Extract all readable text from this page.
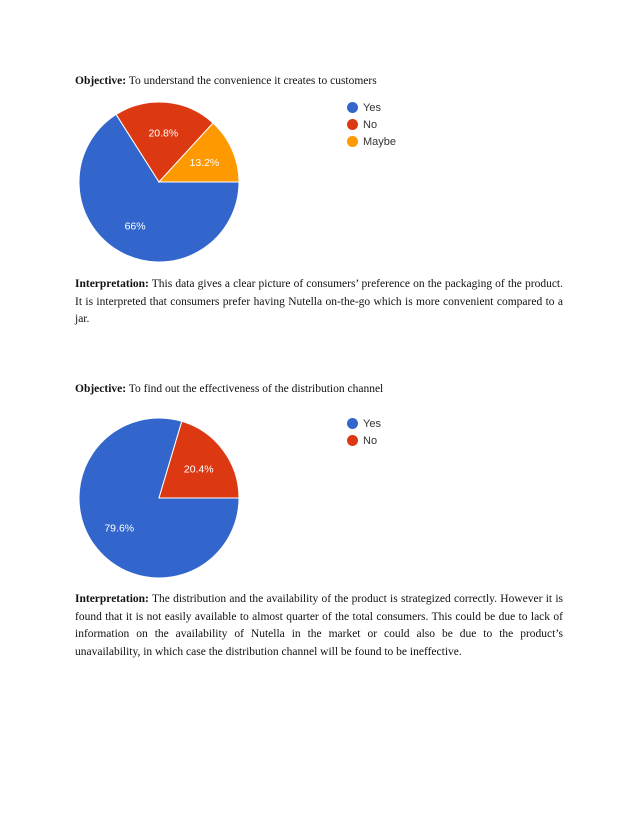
Objective: To understand the convenience it creates to customers
66%
20.8%
13.2%
Yes
No
Maybe
Interpretation: This data gives a clear picture of consumers’ preference on the packaging of the product. It is interpreted that consumers prefer having Nutella on-the-go which is more convenient compared to a jar.
Objective: To find out the effectiveness of the distribution channel
79.6%
20.4%
Yes
No
Interpretation: The distribution and the availability of the product is strategized correctly. However it is found that it is not easily available to almost quarter of the total consumers. This could be due to lack of information on the availability of Nutella in the market or could also be due to the product’s unavailability, in which case the distribution channel will be found to be ineffective.
